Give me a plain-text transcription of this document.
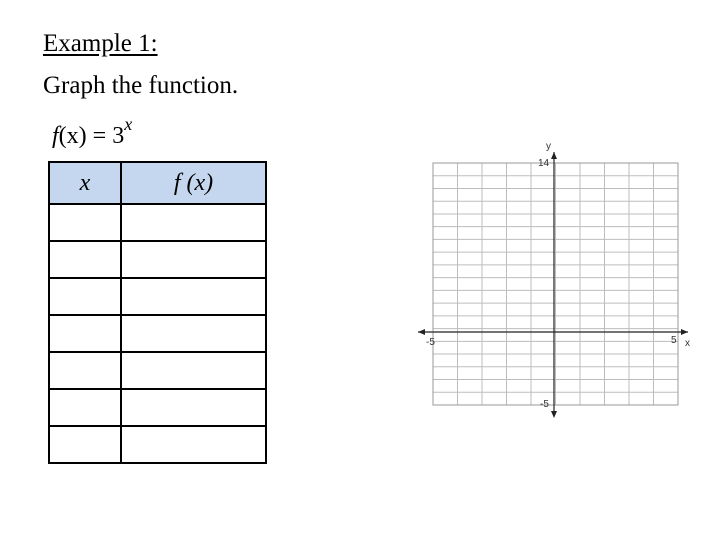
Example 1:
Graph the function.
$f(x) = 3^x$
x	f (x)

y
14
-5
-5	5 x
